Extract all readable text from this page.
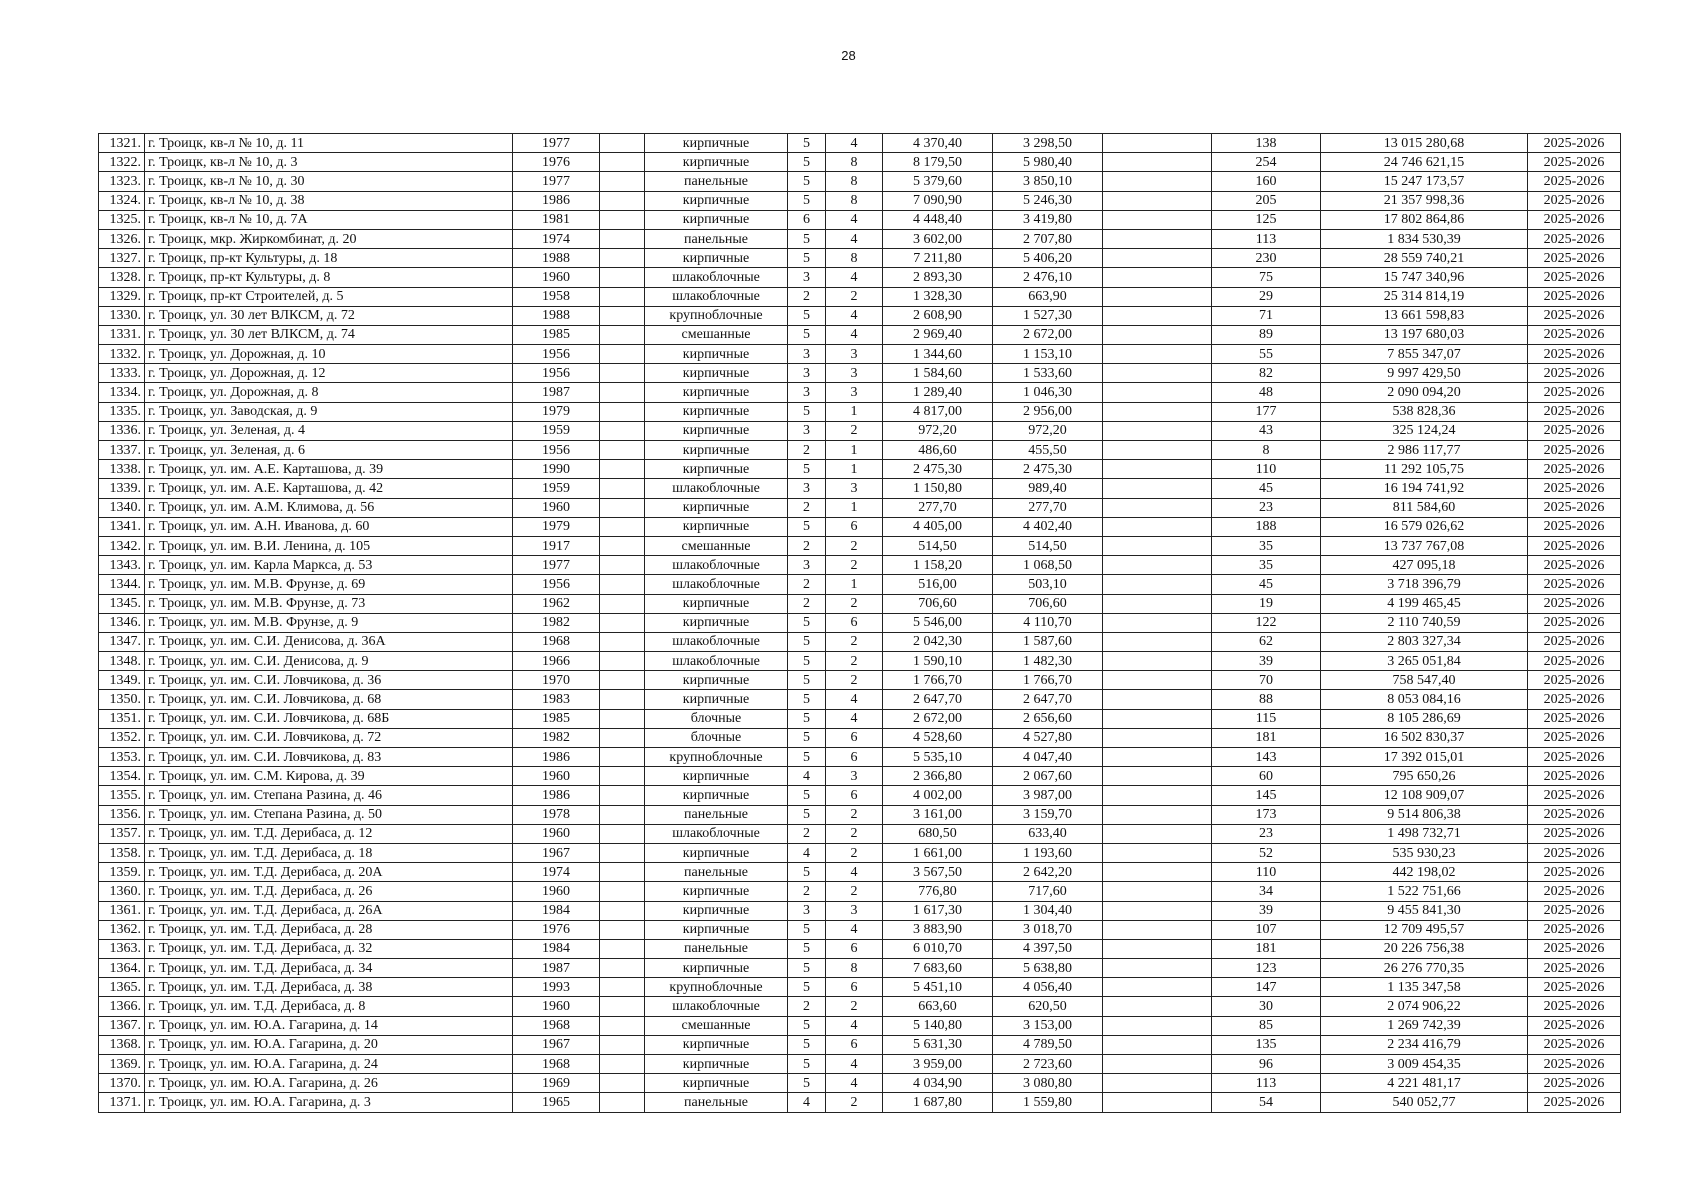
28
1321.	г. Троицк, кв-л № 10, д. 11	1977		кирпичные	5	4	4 370,40	3 298,50		138	13 015 280,68	2025-2026
1322.	г. Троицк, кв-л № 10, д. 3	1976		кирпичные	5	8	8 179,50	5 980,40		254	24 746 621,15	2025-2026
1323.	г. Троицк, кв-л № 10, д. 30	1977		панельные	5	8	5 379,60	3 850,10		160	15 247 173,57	2025-2026
1324.	г. Троицк, кв-л № 10, д. 38	1986		кирпичные	5	8	7 090,90	5 246,30		205	21 357 998,36	2025-2026
1325.	г. Троицк, кв-л № 10, д. 7А	1981		кирпичные	6	4	4 448,40	3 419,80		125	17 802 864,86	2025-2026
1326.	г. Троицк, мкр. Жиркомбинат, д. 20	1974		панельные	5	4	3 602,00	2 707,80		113	1 834 530,39	2025-2026
1327.	г. Троицк, пр-кт Культуры, д. 18	1988		кирпичные	5	8	7 211,80	5 406,20		230	28 559 740,21	2025-2026
1328.	г. Троицк, пр-кт Культуры, д. 8	1960		шлакоблочные	3	4	2 893,30	2 476,10		75	15 747 340,96	2025-2026
1329.	г. Троицк, пр-кт Строителей, д. 5	1958		шлакоблочные	2	2	1 328,30	663,90		29	25 314 814,19	2025-2026
1330.	г. Троицк, ул. 30 лет ВЛКСМ, д. 72	1988		крупноблочные	5	4	2 608,90	1 527,30		71	13 661 598,83	2025-2026
1331.	г. Троицк, ул. 30 лет ВЛКСМ, д. 74	1985		смешанные	5	4	2 969,40	2 672,00		89	13 197 680,03	2025-2026
1332.	г. Троицк, ул. Дорожная, д. 10	1956		кирпичные	3	3	1 344,60	1 153,10		55	7 855 347,07	2025-2026
1333.	г. Троицк, ул. Дорожная, д. 12	1956		кирпичные	3	3	1 584,60	1 533,60		82	9 997 429,50	2025-2026
1334.	г. Троицк, ул. Дорожная, д. 8	1987		кирпичные	3	3	1 289,40	1 046,30		48	2 090 094,20	2025-2026
1335.	г. Троицк, ул. Заводская, д. 9	1979		кирпичные	5	1	4 817,00	2 956,00		177	538 828,36	2025-2026
1336.	г. Троицк, ул. Зеленая, д. 4	1959		кирпичные	3	2	972,20	972,20		43	325 124,24	2025-2026
1337.	г. Троицк, ул. Зеленая, д. 6	1956		кирпичные	2	1	486,60	455,50		8	2 986 117,77	2025-2026
1338.	г. Троицк, ул. им. А.Е. Карташова, д. 39	1990		кирпичные	5	1	2 475,30	2 475,30		110	11 292 105,75	2025-2026
1339.	г. Троицк, ул. им. А.Е. Карташова, д. 42	1959		шлакоблочные	3	3	1 150,80	989,40		45	16 194 741,92	2025-2026
1340.	г. Троицк, ул. им. А.М. Климова, д. 56	1960		кирпичные	2	1	277,70	277,70		23	811 584,60	2025-2026
1341.	г. Троицк, ул. им. А.Н. Иванова, д. 60	1979		кирпичные	5	6	4 405,00	4 402,40		188	16 579 026,62	2025-2026
1342.	г. Троицк, ул. им. В.И. Ленина, д. 105	1917		смешанные	2	2	514,50	514,50		35	13 737 767,08	2025-2026
1343.	г. Троицк, ул. им. Карла Маркса, д. 53	1977		шлакоблочные	3	2	1 158,20	1 068,50		35	427 095,18	2025-2026
1344.	г. Троицк, ул. им. М.В. Фрунзе, д. 69	1956		шлакоблочные	2	1	516,00	503,10		45	3 718 396,79	2025-2026
1345.	г. Троицк, ул. им. М.В. Фрунзе, д. 73	1962		кирпичные	2	2	706,60	706,60		19	4 199 465,45	2025-2026
1346.	г. Троицк, ул. им. М.В. Фрунзе, д. 9	1982		кирпичные	5	6	5 546,00	4 110,70		122	2 110 740,59	2025-2026
1347.	г. Троицк, ул. им. С.И. Денисова, д. 36А	1968		шлакоблочные	5	2	2 042,30	1 587,60		62	2 803 327,34	2025-2026
1348.	г. Троицк, ул. им. С.И. Денисова, д. 9	1966		шлакоблочные	5	2	1 590,10	1 482,30		39	3 265 051,84	2025-2026
1349.	г. Троицк, ул. им. С.И. Ловчикова, д. 36	1970		кирпичные	5	2	1 766,70	1 766,70		70	758 547,40	2025-2026
1350.	г. Троицк, ул. им. С.И. Ловчикова, д. 68	1983		кирпичные	5	4	2 647,70	2 647,70		88	8 053 084,16	2025-2026
1351.	г. Троицк, ул. им. С.И. Ловчикова, д. 68Б	1985		блочные	5	4	2 672,00	2 656,60		115	8 105 286,69	2025-2026
1352.	г. Троицк, ул. им. С.И. Ловчикова, д. 72	1982		блочные	5	6	4 528,60	4 527,80		181	16 502 830,37	2025-2026
1353.	г. Троицк, ул. им. С.И. Ловчикова, д. 83	1986		крупноблочные	5	6	5 535,10	4 047,40		143	17 392 015,01	2025-2026
1354.	г. Троицк, ул. им. С.М. Кирова, д. 39	1960		кирпичные	4	3	2 366,80	2 067,60		60	795 650,26	2025-2026
1355.	г. Троицк, ул. им. Степана Разина, д. 46	1986		кирпичные	5	6	4 002,00	3 987,00		145	12 108 909,07	2025-2026
1356.	г. Троицк, ул. им. Степана Разина, д. 50	1978		панельные	5	2	3 161,00	3 159,70		173	9 514 806,38	2025-2026
1357.	г. Троицк, ул. им. Т.Д. Дерибаса, д. 12	1960		шлакоблочные	2	2	680,50	633,40		23	1 498 732,71	2025-2026
1358.	г. Троицк, ул. им. Т.Д. Дерибаса, д. 18	1967		кирпичные	4	2	1 661,00	1 193,60		52	535 930,23	2025-2026
1359.	г. Троицк, ул. им. Т.Д. Дерибаса, д. 20А	1974		панельные	5	4	3 567,50	2 642,20		110	442 198,02	2025-2026
1360.	г. Троицк, ул. им. Т.Д. Дерибаса, д. 26	1960		кирпичные	2	2	776,80	717,60		34	1 522 751,66	2025-2026
1361.	г. Троицк, ул. им. Т.Д. Дерибаса, д. 26А	1984		кирпичные	3	3	1 617,30	1 304,40		39	9 455 841,30	2025-2026
1362.	г. Троицк, ул. им. Т.Д. Дерибаса, д. 28	1976		кирпичные	5	4	3 883,90	3 018,70		107	12 709 495,57	2025-2026
1363.	г. Троицк, ул. им. Т.Д. Дерибаса, д. 32	1984		панельные	5	6	6 010,70	4 397,50		181	20 226 756,38	2025-2026
1364.	г. Троицк, ул. им. Т.Д. Дерибаса, д. 34	1987		кирпичные	5	8	7 683,60	5 638,80		123	26 276 770,35	2025-2026
1365.	г. Троицк, ул. им. Т.Д. Дерибаса, д. 38	1993		крупноблочные	5	6	5 451,10	4 056,40		147	1 135 347,58	2025-2026
1366.	г. Троицк, ул. им. Т.Д. Дерибаса, д. 8	1960		шлакоблочные	2	2	663,60	620,50		30	2 074 906,22	2025-2026
1367.	г. Троицк, ул. им. Ю.А. Гагарина, д. 14	1968		смешанные	5	4	5 140,80	3 153,00		85	1 269 742,39	2025-2026
1368.	г. Троицк, ул. им. Ю.А. Гагарина, д. 20	1967		кирпичные	5	6	5 631,30	4 789,50		135	2 234 416,79	2025-2026
1369.	г. Троицк, ул. им. Ю.А. Гагарина, д. 24	1968		кирпичные	5	4	3 959,00	2 723,60		96	3 009 454,35	2025-2026
1370.	г. Троицк, ул. им. Ю.А. Гагарина, д. 26	1969		кирпичные	5	4	4 034,90	3 080,80		113	4 221 481,17	2025-2026
1371.	г. Троицк, ул. им. Ю.А. Гагарина, д. 3	1965		панельные	4	2	1 687,80	1 559,80		54	540 052,77	2025-2026
